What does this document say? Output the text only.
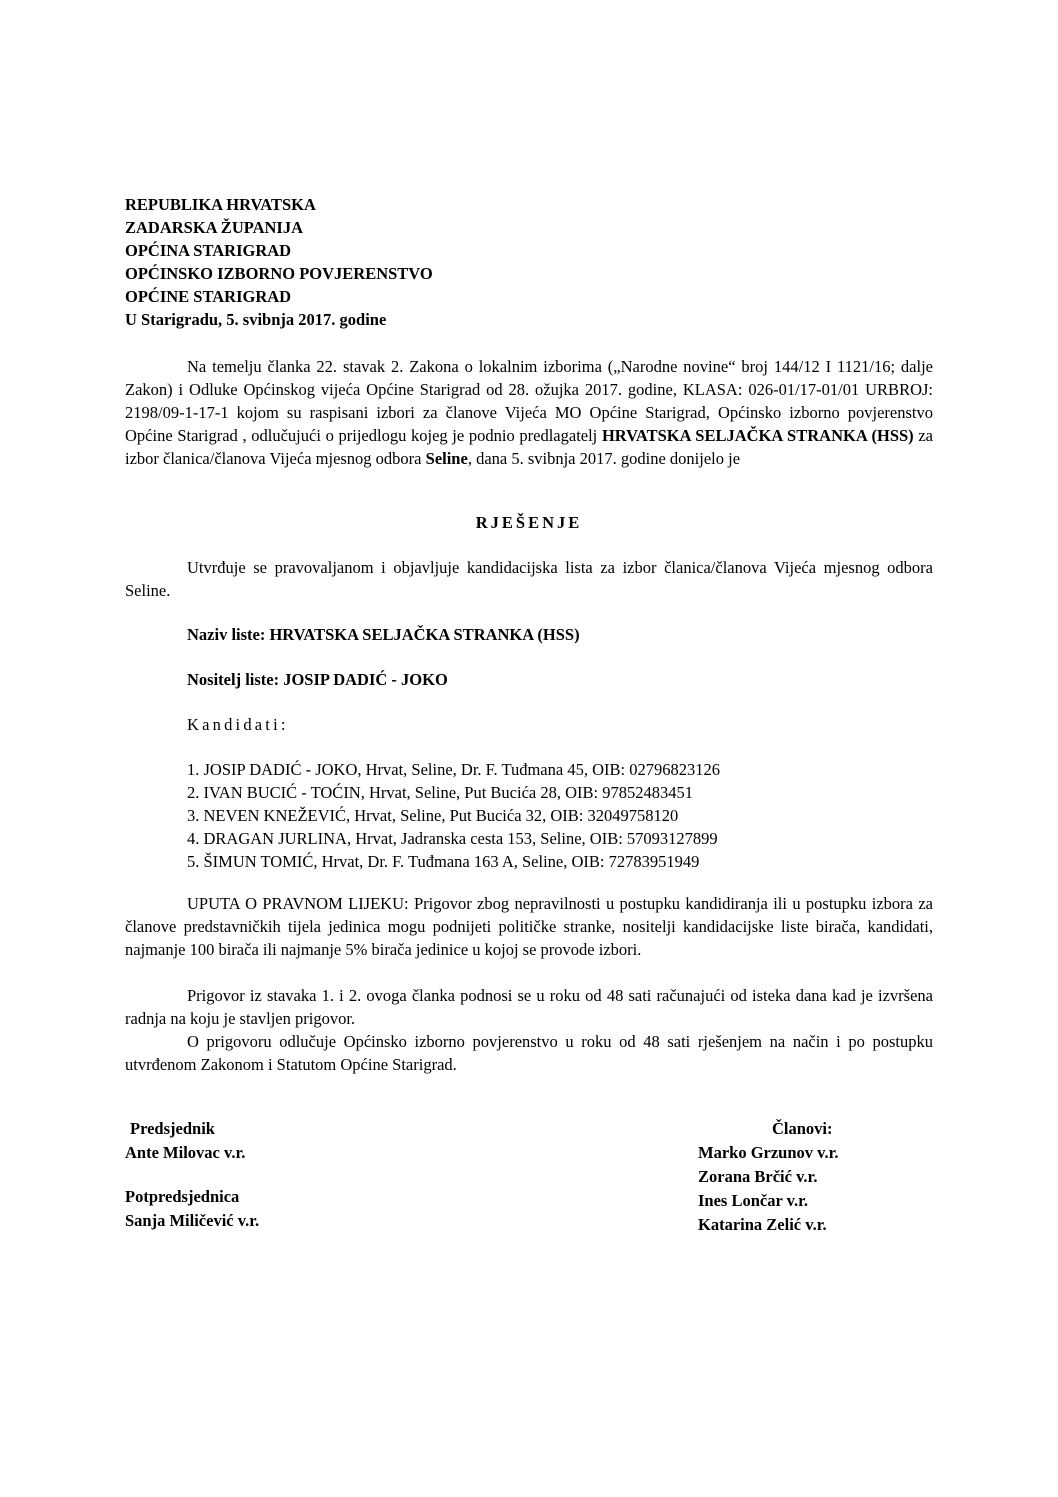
REPUBLIKA HRVATSKA
ZADARSKA ŽUPANIJA
OPĆINA STARIGRAD
OPĆINSKO IZBORNO POVJERENSTVO
OPĆINE STARIGRAD
U Starigradu, 5. svibnja 2017. godine
Na temelju članka 22. stavak 2. Zakona o lokalnim izborima („Narodne novine“ broj 144/12 I 1121/16; dalje Zakon) i Odluke Općinskog vijeća Općine Starigrad od 28. ožujka 2017. godine, KLASA: 026-01/17-01/01 URBROJ: 2198/09-1-17-1 kojom su raspisani izbori za članove Vijeća MO Općine Starigrad, Općinsko izborno povjerenstvo Općine Starigrad , odlučujući o prijedlogu kojeg je podnio predlagatelj HRVATSKA SELJAČKA STRANKA (HSS) za izbor članica/članova Vijeća mjesnog odbora Seline, dana 5. svibnja 2017. godine donijelo je
RJEŠENJE
Utvrđuje se pravovaljanom i objavljuje kandidacijska lista za izbor članica/članova Vijeća mjesnog odbora Seline.
Naziv liste: HRVATSKA SELJAČKA STRANKA (HSS)
Nositelj liste: JOSIP DADIĆ - JOKO
Kandidati:
1. JOSIP DADIĆ - JOKO, Hrvat, Seline, Dr. F. Tuđmana 45, OIB: 02796823126
2. IVAN BUCIĆ - TOĆIN, Hrvat, Seline, Put Bucića 28, OIB: 97852483451
3. NEVEN KNEŽEVIĆ, Hrvat, Seline, Put Bucića 32, OIB: 32049758120
4. DRAGAN JURLINA, Hrvat, Jadranska cesta 153, Seline, OIB: 57093127899
5. ŠIMUN TOMIĆ, Hrvat, Dr. F. Tuđmana 163 A, Seline, OIB: 72783951949
UPUTA O PRAVNOM LIJEKU: Prigovor zbog nepravilnosti u postupku kandidiranja ili u postupku izbora za članove predstavničkih tijela jedinica mogu podnijeti političke stranke, nositelji kandidacijske liste birača, kandidati, najmanje 100 birača ili najmanje 5% birača jedinice u kojoj se provode izbori.
Prigovor iz stavaka 1. i 2. ovoga članka podnosi se u roku od 48 sati računajući od isteka dana kad je izvršena radnja na koju je stavljen prigovor.
O prigovoru odlučuje Općinsko izborno povjerenstvo u roku od 48 sati rješenjem na način i po postupku utvrđenom Zakonom i Statutom Općine Starigrad.
Predsjednik
Ante Milovac v.r.
Potpredsjednica
Sanja Miličević v.r.
Članovi:
Marko Grzunov v.r.
Zorana Brčić v.r.
Ines Lončar v.r.
Katarina Zelić v.r.
